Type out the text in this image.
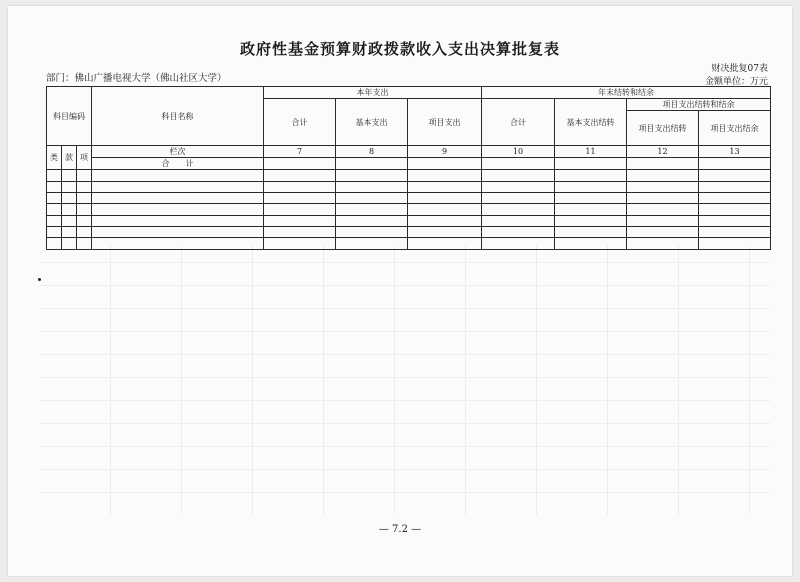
政府性基金预算财政拨款收入支出决算批复表
部门：佛山广播电视大学（佛山社区大学）
财决批复07表
金额单位：万元
科目编码			科目名称	本年支出			年末结转和结余			
				合计	基本支出	项目支出	合计	基本支出结转	项目支出结转和结余	
									项目支出结转	项目支出结余
类	款	项	栏次	7	8	9	10	11	12	13
			合　　计							

— 7.2 —
